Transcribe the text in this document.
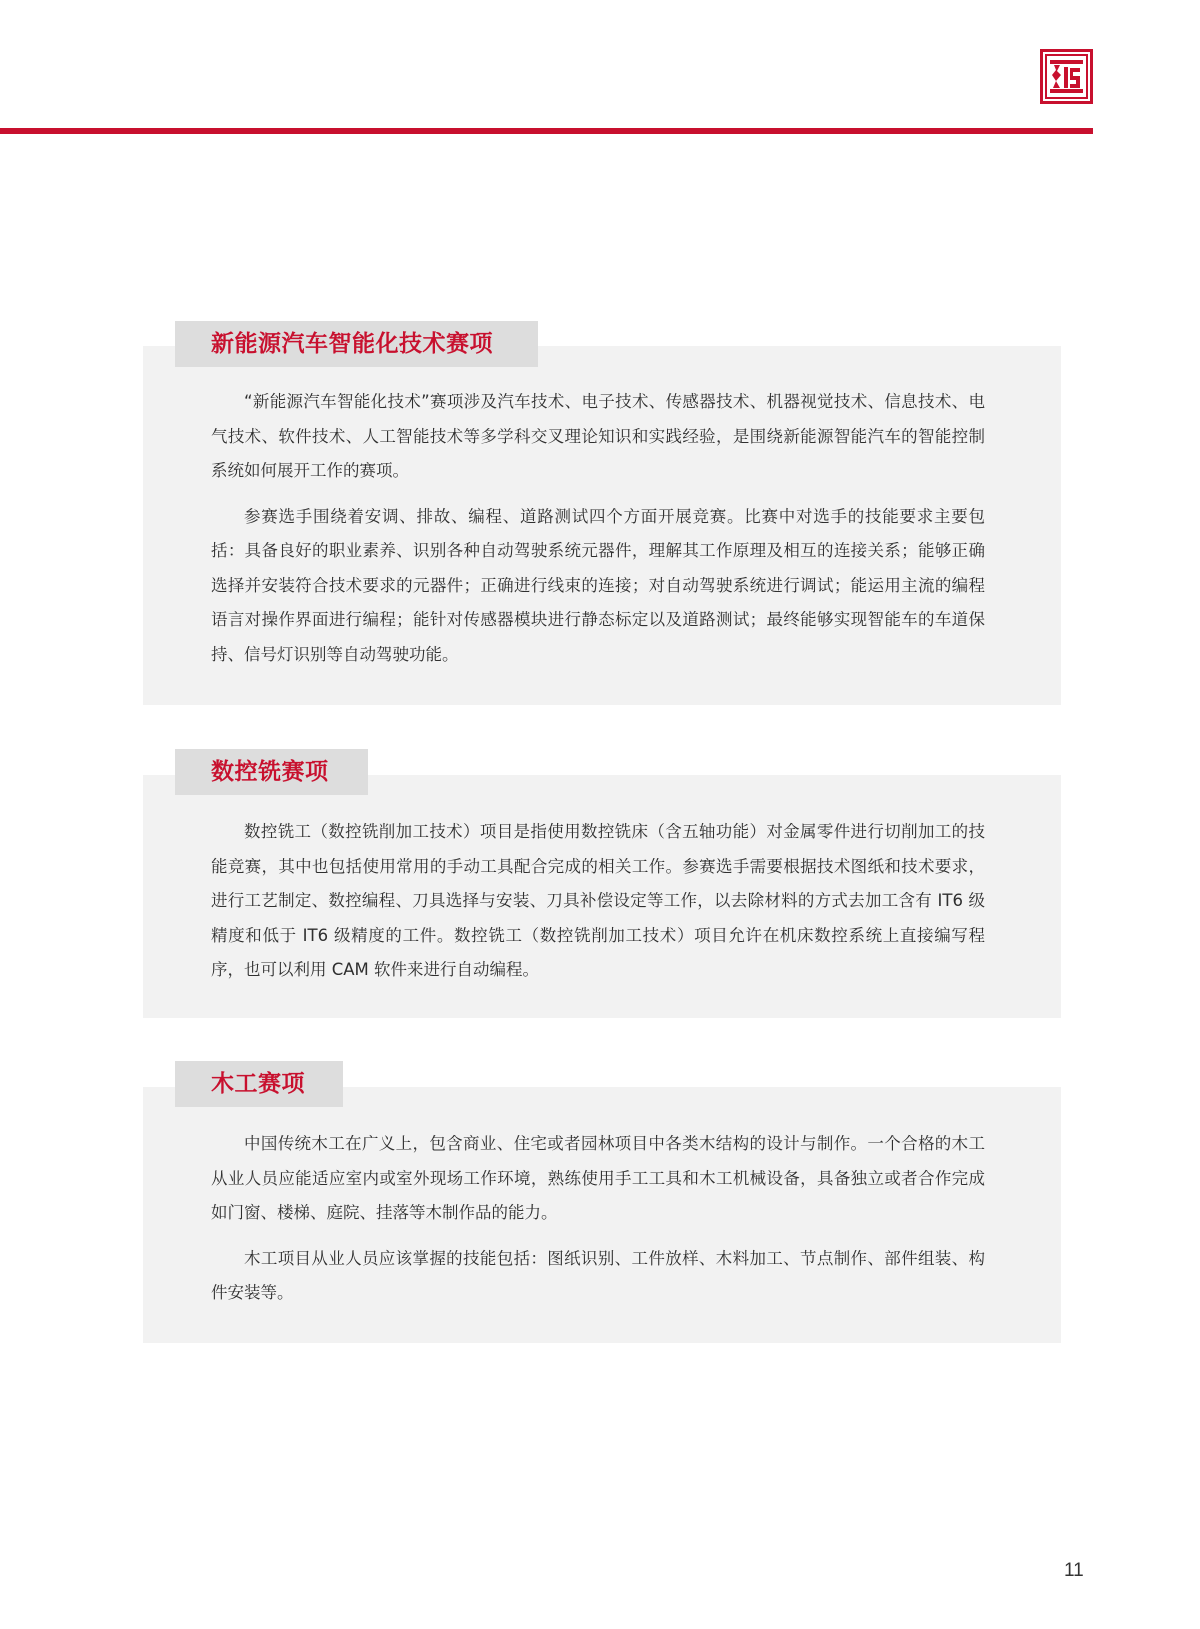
新能源汽车智能化技术赛项

“新能源汽车智能化技术”赛项涉及汽车技术、电子技术、传感器技术、机器视觉技术、信息技术、电气技术、软件技术、人工智能技术等多学科交叉理论知识和实践经验，是围绕新能源智能汽车的智能控制系统如何展开工作的赛项。

参赛选手围绕着安调、排故、编程、道路测试四个方面开展竞赛。比赛中对选手的技能要求主要包括：具备良好的职业素养、识别各种自动驾驶系统元器件，理解其工作原理及相互的连接关系；能够正确选择并安装符合技术要求的元器件；正确进行线束的连接；对自动驾驶系统进行调试；能运用主流的编程语言对操作界面进行编程；能针对传感器模块进行静态标定以及道路测试；最终能够实现智能车的车道保持、信号灯识别等自动驾驶功能。

数控铣赛项

数控铣工（数控铣削加工技术）项目是指使用数控铣床（含五轴功能）对金属零件进行切削加工的技能竞赛，其中也包括使用常用的手动工具配合完成的相关工作。参赛选手需要根据技术图纸和技术要求，进行工艺制定、数控编程、刀具选择与安装、刀具补偿设定等工作，以去除材料的方式去加工含有 IT6 级精度和低于 IT6 级精度的工件。数控铣工（数控铣削加工技术）项目允许在机床数控系统上直接编写程序，也可以利用 CAM 软件来进行自动编程。

木工赛项

中国传统木工在广义上，包含商业、住宅或者园林项目中各类木结构的设计与制作。一个合格的木工从业人员应能适应室内或室外现场工作环境，熟练使用手工工具和木工机械设备，具备独立或者合作完成如门窗、楼梯、庭院、挂落等木制作品的能力。

木工项目从业人员应该掌握的技能包括：图纸识别、工件放样、木料加工、节点制作、部件组装、构件安装等。

11
